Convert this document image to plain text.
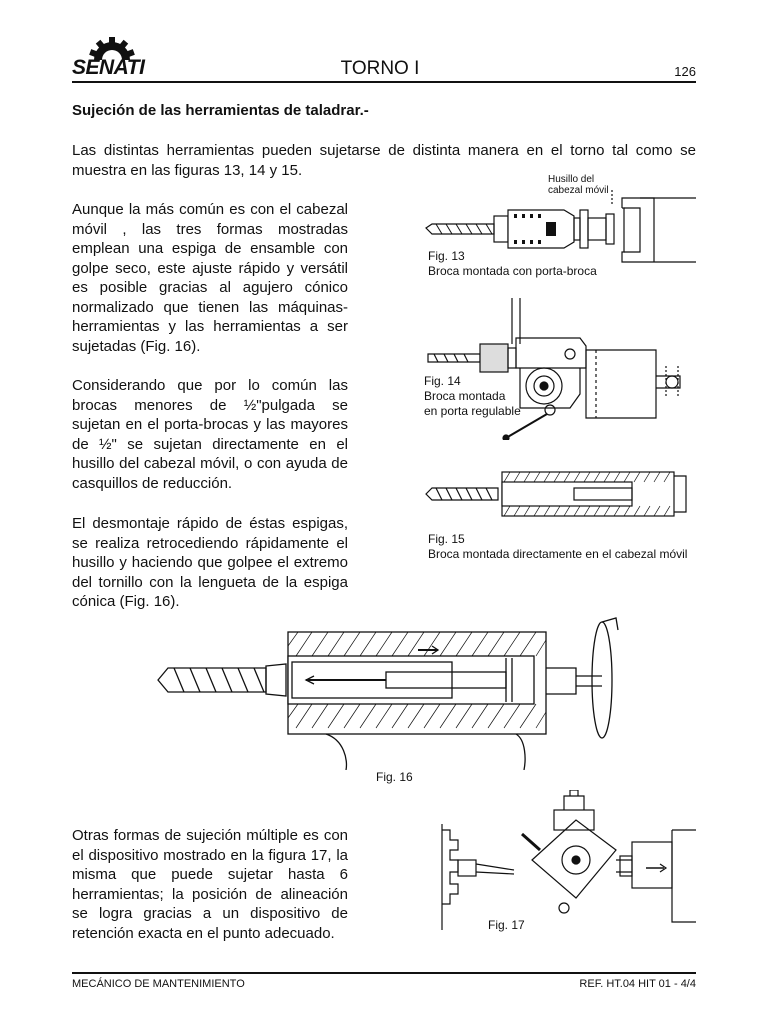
SENATI	TORNO I	126
Sujeción de las herramientas de taladrar.-

Las distintas herramientas pueden sujetarse de distinta manera en el torno tal como se muestra en las figuras 13, 14 y 15.

Aunque la más común es con el cabezal móvil , las tres formas mostradas emplean una espiga de ensamble con golpe seco, este ajuste rápido y versátil es posible gracias al agujero cónico normalizado que tienen las máquinas-herramientas y las herramientas a ser sujetadas (Fig. 16).

Considerando que por lo común las brocas menores de ½"pulgada se sujetan en el porta-brocas y las mayores de ½" se sujetan directamente en el husillo del cabezal móvil, o con ayuda de casquillos de reducción.

El desmontaje rápido de éstas espigas, se realiza retrocediendo rápidamente el husillo y haciendo que golpee el extremo del tornillo con la lengueta de la espiga cónica (Fig. 16).

Otras formas de sujeción múltiple es con el dispositivo mostrado en la figura 17, la misma que puede sujetar hasta 6 herramientas; la posición de alineación se logra gracias a un dispositivo de retención exacta en el punto adecuado.

Husillo del
cabezal móvil
Fig. 13
Broca montada con porta-broca
Fig. 14
Broca montada
en porta regulable
Fig. 15
Broca montada directamente en el cabezal móvil
Fig. 16
Fig. 17
MECÁNICO DE MANTENIMIENTO	REF. HT.04 HIT 01 - 4/4
